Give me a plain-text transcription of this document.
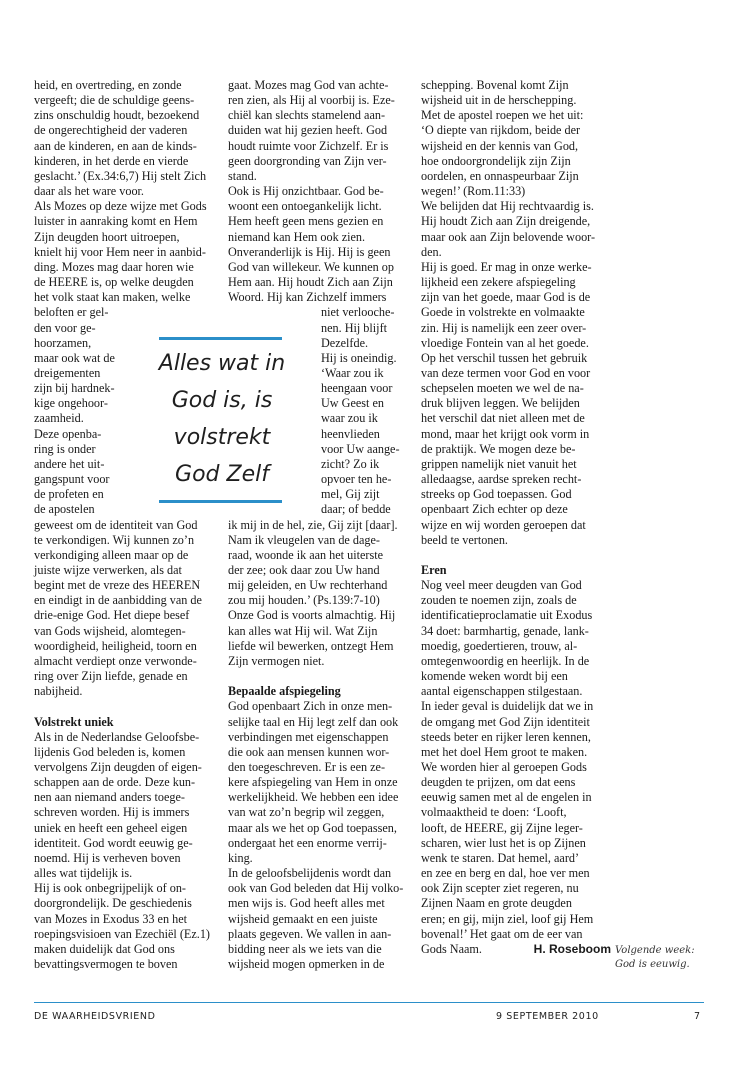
heid, en overtreding, en zonde
vergeeft; die de schuldige geens-
zins onschuldig houdt, bezoekend
de ongerechtigheid der vaderen
aan de kinderen, en aan de kinds-
kinderen, in het derde en vierde
geslacht.’ (Ex.34:6,7) Hij stelt Zich
daar als het ware voor.
Als Mozes op deze wijze met Gods
luister in aanraking komt en Hem
Zijn deugden hoort uitroepen,
knielt hij voor Hem neer in aanbid-
ding. Mozes mag daar horen wie
de HEERE is, op welke deugden
het volk staat kan maken, welke
beloften er gel-
den voor ge-
hoorzamen,
maar ook wat de
dreigementen
zijn bij hardnek-
kige ongehoor-
zaamheid.
Deze openba-
ring is onder
andere het uit-
gangspunt voor
de profeten en
de apostelen
geweest om de identiteit van God
te verkondigen. Wij kunnen zo’n
verkondiging alleen maar op de
juiste wijze verwerken, als dat
begint met de vreze des HEEREN
en eindigt in de aanbidding van de
drie-enige God. Het diepe besef
van Gods wijsheid, alomtegen-
woordigheid, heiligheid, toorn en
almacht verdiept onze verwonde-
ring over Zijn liefde, genade en
nabijheid.
Volstrekt uniek
Als in de Nederlandse Geloofsbe-
lijdenis God beleden is, komen
vervolgens Zijn deugden of eigen-
schappen aan de orde. Deze kun-
nen aan niemand anders toege-
schreven worden. Hij is immers
uniek en heeft een geheel eigen
identiteit. God wordt eeuwig ge-
noemd. Hij is verheven boven
alles wat tijdelijk is.
Hij is ook onbegrijpelijk of on-
doorgrondelijk. De geschiedenis
van Mozes in Exodus 33 en het
roepingsvisioen van Ezechiël (Ez.1)
maken duidelijk dat God ons
bevattingsvermogen te boven
gaat. Mozes mag God van achte-
ren zien, als Hij al voorbij is. Eze-
chiël kan slechts stamelend aan-
duiden wat hij gezien heeft. God
houdt ruimte voor Zichzelf. Er is
geen doorgronding van Zijn ver-
stand.
Ook is Hij onzichtbaar. God be-
woont een ontoegankelijk licht.
Hem heeft geen mens gezien en
niemand kan Hem ook zien.
Onveranderlijk is Hij. Hij is geen
God van willekeur. We kunnen op
Hem aan. Hij houdt Zich aan Zijn
Woord. Hij kan Zichzelf immers
niet verlooche-
nen. Hij blijft
Dezelfde.
Hij is oneindig.
‘Waar zou ik
heengaan voor
Uw Geest en
waar zou ik
heenvlieden
voor Uw aange-
zicht? Zo ik
opvoer ten he-
mel, Gij zijt
daar; of bedde
ik mij in de hel, zie, Gij zijt [daar].
Nam ik vleugelen van de dage-
raad, woonde ik aan het uiterste
der zee; ook daar zou Uw hand
mij geleiden, en Uw rechterhand
zou mij houden.’ (Ps.139:7-10)
Onze God is voorts almachtig. Hij
kan alles wat Hij wil. Wat Zijn
liefde wil bewerken, ontzegt Hem
Zijn vermogen niet.
Bepaalde afspiegeling
God openbaart Zich in onze men-
selijke taal en Hij legt zelf dan ook
verbindingen met eigenschappen
die ook aan mensen kunnen wor-
den toegeschreven. Er is een ze-
kere afspiegeling van Hem in onze
werkelijkheid. We hebben een idee
van wat zo’n begrip wil zeggen,
maar als we het op God toepassen,
ondergaat het een enorme verrij-
king.
In de geloofsbelijdenis wordt dan
ook van God beleden dat Hij volko-
men wijs is. God heeft alles met
wijsheid gemaakt en een juiste
plaats gegeven. We vallen in aan-
bidding neer als we iets van die
wijsheid mogen opmerken in de
schepping. Bovenal komt Zijn
wijsheid uit in de herschepping.
Met de apostel roepen we het uit:
‘O diepte van rijkdom, beide der
wijsheid en der kennis van God,
hoe ondoorgrondelijk zijn Zijn
oordelen, en onnaspeurbaar Zijn
wegen!’ (Rom.11:33)
We belijden dat Hij rechtvaardig is.
Hij houdt Zich aan Zijn dreigende,
maar ook aan Zijn belovende woor-
den.
Hij is goed. Er mag in onze werke-
lijkheid een zekere afspiegeling
zijn van het goede, maar God is de
Goede in volstrekte en volmaakte
zin. Hij is namelijk een zeer over-
vloedige Fontein van al het goede.
Op het verschil tussen het gebruik
van deze termen voor God en voor
schepselen moeten we wel de na-
druk blijven leggen. We belijden
het verschil dat niet alleen met de
mond, maar het krijgt ook vorm in
de praktijk. We mogen deze be-
grippen namelijk niet vanuit het
alledaagse, aardse spreken recht-
streeks op God toepassen. God
openbaart Zich echter op deze
wijze en wij worden geroepen dat
beeld te vertonen.
Eren
Nog veel meer deugden van God
zouden te noemen zijn, zoals de
identificatieproclamatie uit Exodus
34 doet: barmhartig, genade, lank-
moedig, goedertieren, trouw, al-
omtegenwoordig en heerlijk. In de
komende weken wordt bij een
aantal eigenschappen stilgestaan.
In ieder geval is duidelijk dat we in
de omgang met God Zijn identiteit
steeds beter en rijker leren kennen,
met het doel Hem groot te maken.
We worden hier al geroepen Gods
deugden te prijzen, om dat eens
eeuwig samen met al de engelen in
volmaaktheid te doen: ‘Looft,
looft, de HEERE, gij Zijne leger-
scharen, wier lust het is op Zijnen
wenk te staren. Dat hemel, aard’
en zee en berg en dal, hoe ver men
ook Zijn scepter ziet regeren, nu
Zijnen Naam en grote deugden
eren; en gij, mijn ziel, loof gij Hem
bovenal!’ Het gaat om de eer van
Gods Naam.	H. Roseboom
Alles wat in
God is, is volstrekt
God Zelf
Volgende week:
God is eeuwig.
DE WAARHEIDSVRIEND	9 SEPTEMBER 2010	7
